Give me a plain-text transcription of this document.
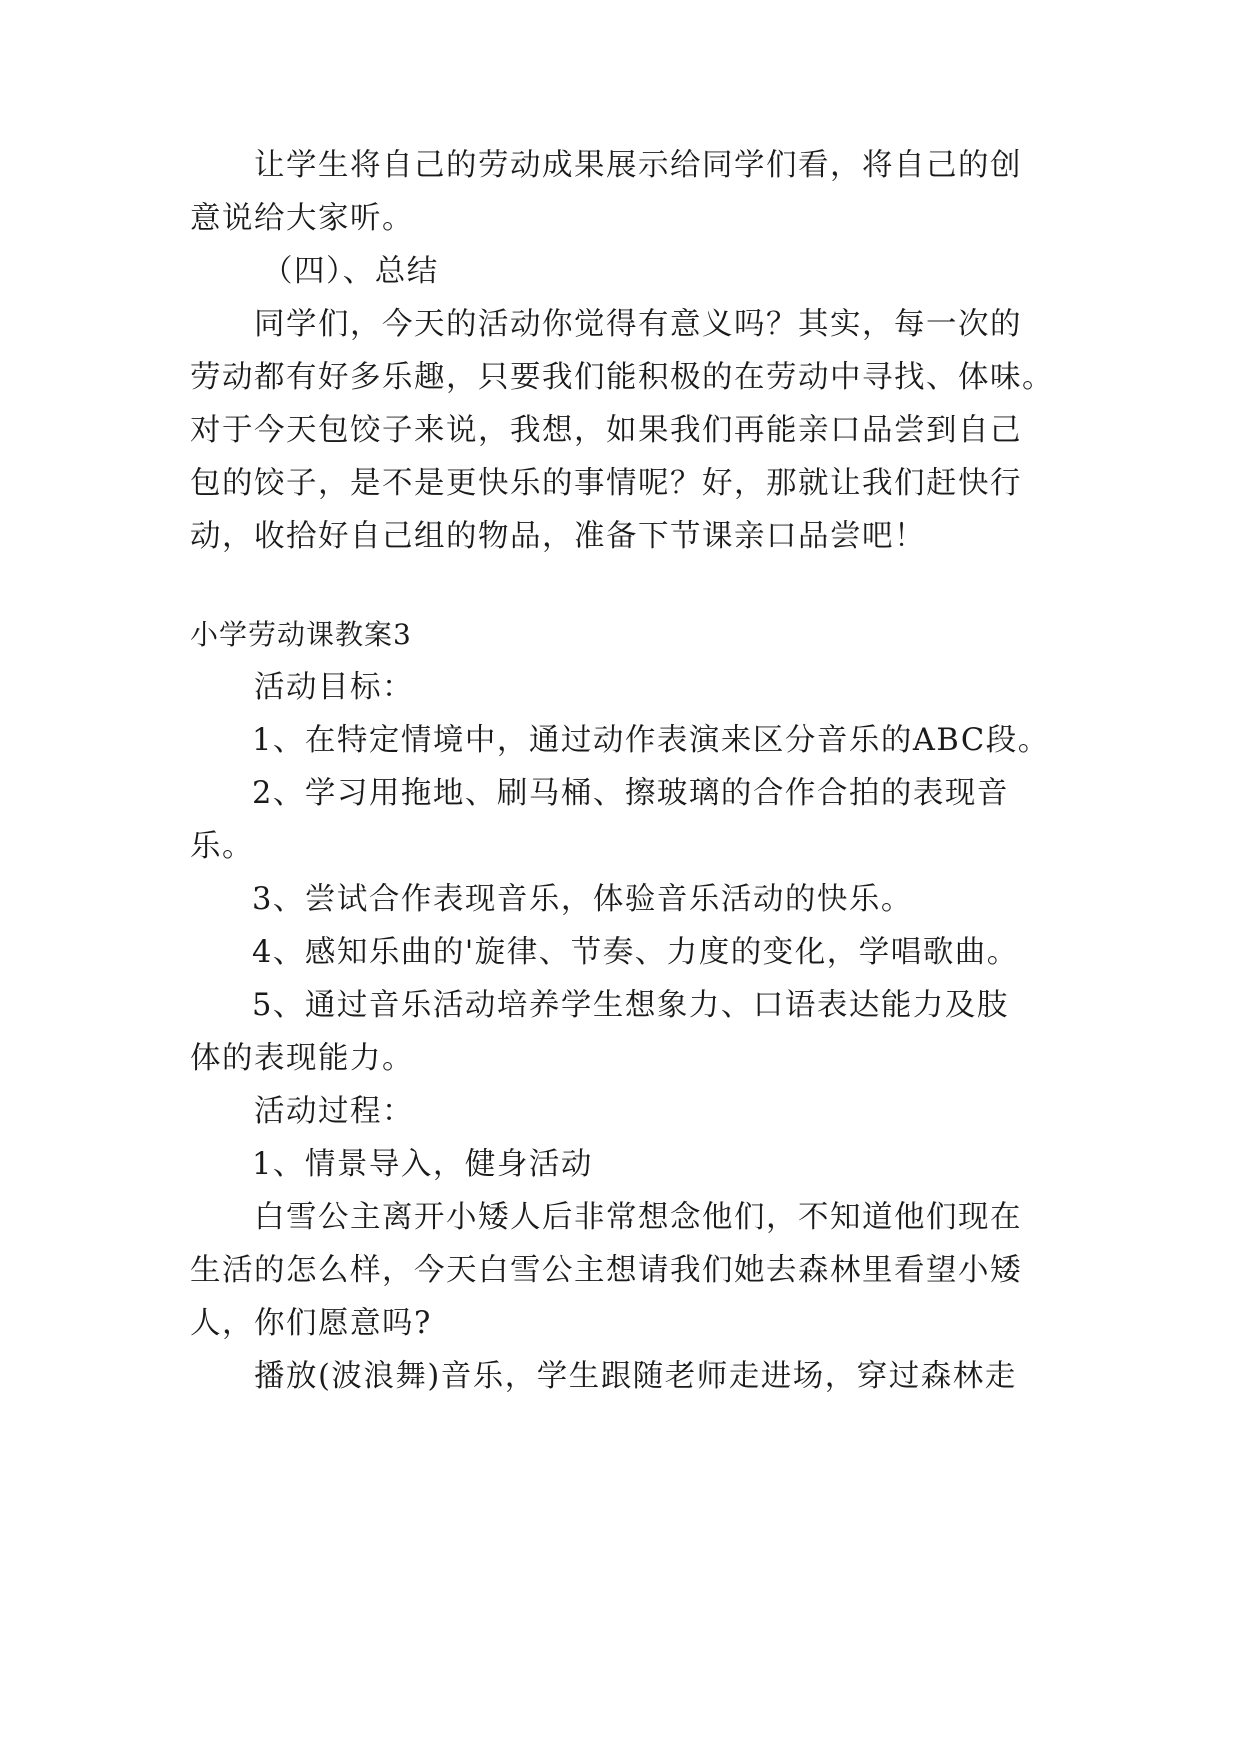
让学生将自己的劳动成果展示给同学们看，将自己的创
意说给大家听。
（四）、总结
同学们，今天的活动你觉得有意义吗？其实，每一次的
劳动都有好多乐趣，只要我们能积极的在劳动中寻找、体味。
对于今天包饺子来说，我想，如果我们再能亲口品尝到自己
包的饺子，是不是更快乐的事情呢？好，那就让我们赶快行
动，收拾好自己组的物品，准备下节课亲口品尝吧！
小学劳动课教案3
活动目标：
1、在特定情境中，通过动作表演来区分音乐的ABC段。
2、学习用拖地、刷马桶、擦玻璃的合作合拍的表现音
乐。
3、尝试合作表现音乐，体验音乐活动的快乐。
4、感知乐曲的'旋律、节奏、力度的变化，学唱歌曲。
5、通过音乐活动培养学生想象力、口语表达能力及肢
体的表现能力。
活动过程：
1、情景导入，健身活动
白雪公主离开小矮人后非常想念他们，不知道他们现在
生活的怎么样，今天白雪公主想请我们她去森林里看望小矮
人，你们愿意吗?
播放(波浪舞)音乐，学生跟随老师走进场，穿过森林走
